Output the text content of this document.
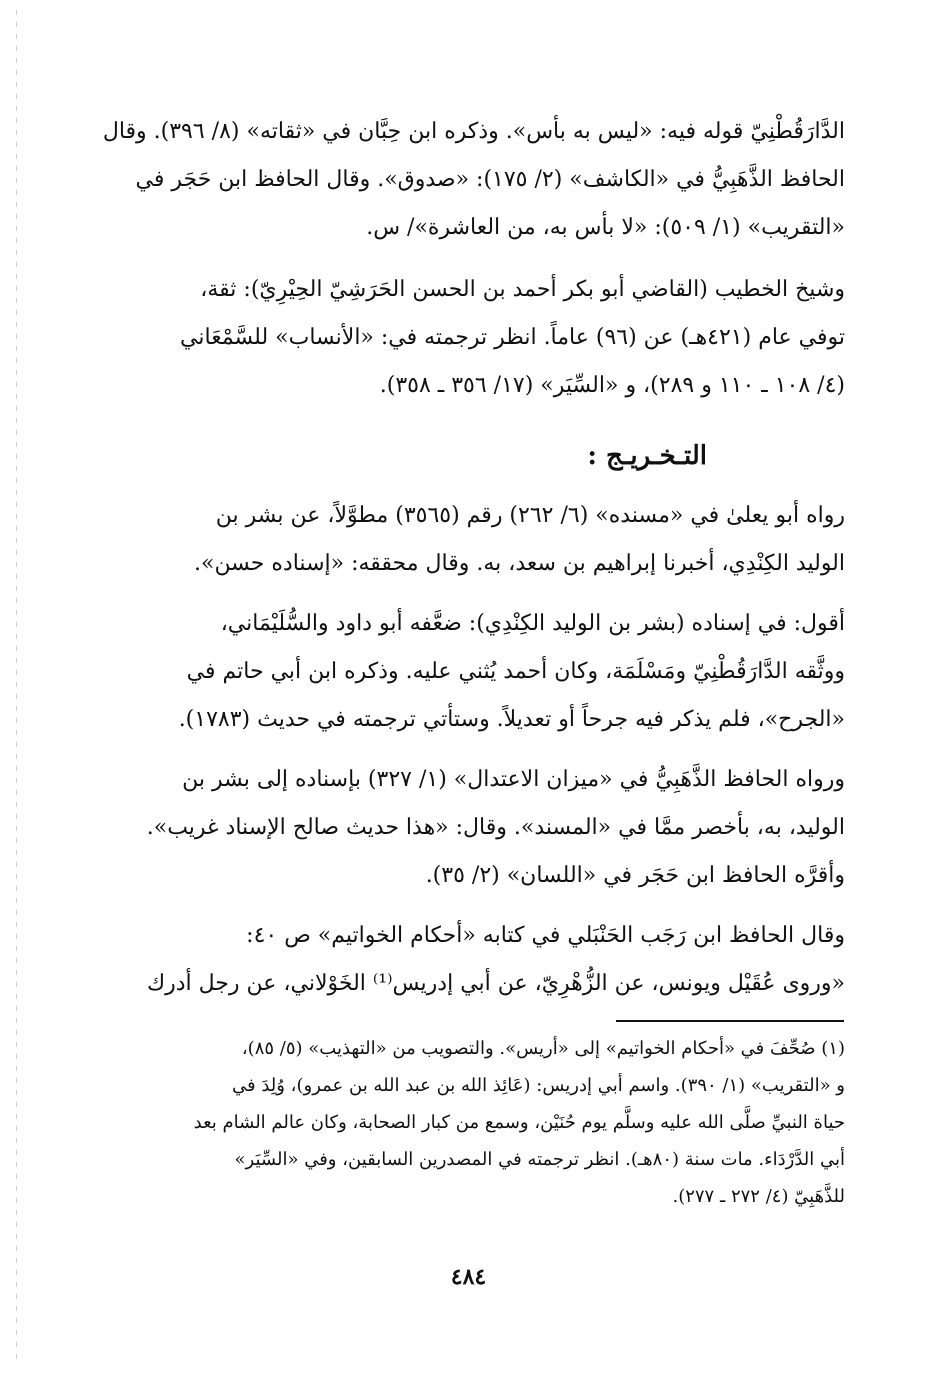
الدَّارَقُطْنِيّ قوله فيه: «ليس به بأس». وذكره ابن حِبَّان في «ثقاته» (٨/ ٣٩٦). وقال
الحافظ الذَّهَبِيُّ في «الكاشف» (٢/ ١٧٥): «صدوق». وقال الحافظ ابن حَجَر في
«التقريب» (١/ ٥٠٩): «لا بأس به، من العاشرة»/ س.
وشيخ الخطيب (القاضي أبو بكر أحمد بن الحسن الحَرَشِيّ الحِيْرِيّ): ثقة،
توفي عام (٤٢١هـ) عن (٩٦) عاماً. انظر ترجمته في: «الأنساب» للسَّمْعَاني
(٤/ ١٠٨ ـ ١١٠ و ٢٨٩)، و «السِّيَر» (١٧/ ٣٥٦ ـ ٣٥٨).
التـخـريـج :
رواه أبو يعلىٰ في «مسنده» (٦/ ٢٦٢) رقم (٣٥٦٥) مطوَّلاً، عن بشر بن
الوليد الكِنْدِي، أخبرنا إبراهيم بن سعد، به. وقال محققه: «إسناده حسن».
أقول: في إسناده (بشر بن الوليد الكِنْدِي): ضعَّفه أبو داود والسُّلَيْمَاني،
ووثَّقه الدَّارَقُطْنِيّ ومَسْلَمَة، وكان أحمد يُثني عليه. وذكره ابن أبي حاتم في
«الجرح»، فلم يذكر فيه جرحاً أو تعديلاً. وستأتي ترجمته في حديث (١٧٨٣).
ورواه الحافظ الذَّهَبِيُّ في «ميزان الاعتدال» (١/ ٣٢٧) بإسناده إلى بشر بن
الوليد، به، بأخصر ممَّا في «المسند». وقال: «هذا حديث صالح الإسناد غريب».
وأقرَّه الحافظ ابن حَجَر في «اللسان» (٢/ ٣٥).
وقال الحافظ ابن رَجَب الحَنْبَلي في كتابه «أحكام الخواتيم» ص ٤٠:
«وروى عُقَيْل ويونس، عن الزُّهْرِيّ، عن أبي إدريس⁽¹⁾ الخَوْلاني، عن رجل أدرك
(١) صُحِّفَ في «أحكام الخواتيم» إلى «أريس». والتصويب من «التهذيب» (٥/ ٨٥)،
و «التقريب» (١/ ٣٩٠). واسم أبي إدريس: (عَائِذ الله بن عبد الله بن عمرو)، وُلِدَ في
حياة النبيِّ صلَّى الله عليه وسلَّم يوم حُنَيْن، وسمع من كبار الصحابة، وكان عالم الشام بعد
أبي الدَّرْدَاء. مات سنة (٨٠هـ). انظر ترجمته في المصدرين السابقين، وفي «السِّيَر»
للذَّهَبِيّ (٤/ ٢٧٢ ـ ٢٧٧).
٤٨٤
